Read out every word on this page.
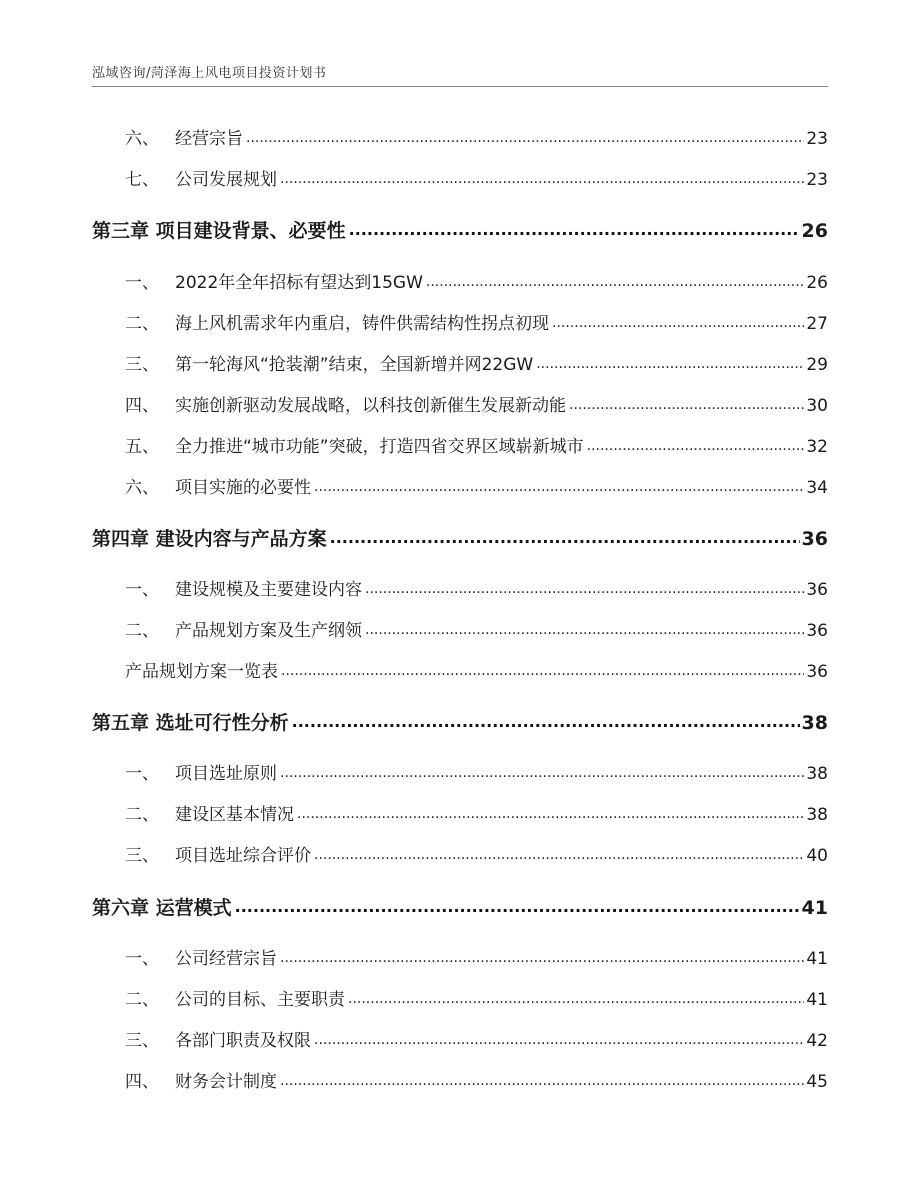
泓域咨询/菏泽海上风电项目投资计划书
六、 经营宗旨 .....	23
七、 公司发展规划 .....	23
第三章 项目建设背景、必要性 .....	26
一、 2022年全年招标有望达到15GW .....	26
二、 海上风机需求年内重启，铸件供需结构性拐点初现 .....	27
三、 第一轮海风“抢装潮”结束，全国新增并网22GW .....	29
四、 实施创新驱动发展战略，以科技创新催生发展新动能 .....	30
五、 全力推进“城市功能”突破，打造四省交界区域崭新城市 .....	32
六、 项目实施的必要性 .....	34
第四章 建设内容与产品方案 .....	36
一、 建设规模及主要建设内容 .....	36
二、 产品规划方案及生产纲领 .....	36
产品规划方案一览表 .....	36
第五章 选址可行性分析 .....	38
一、 项目选址原则 .....	38
二、 建设区基本情况 .....	38
三、 项目选址综合评价 .....	40
第六章 运营模式 .....	41
一、 公司经营宗旨 .....	41
二、 公司的目标、主要职责 .....	41
三、 各部门职责及权限 .....	42
四、 财务会计制度 .....	45
